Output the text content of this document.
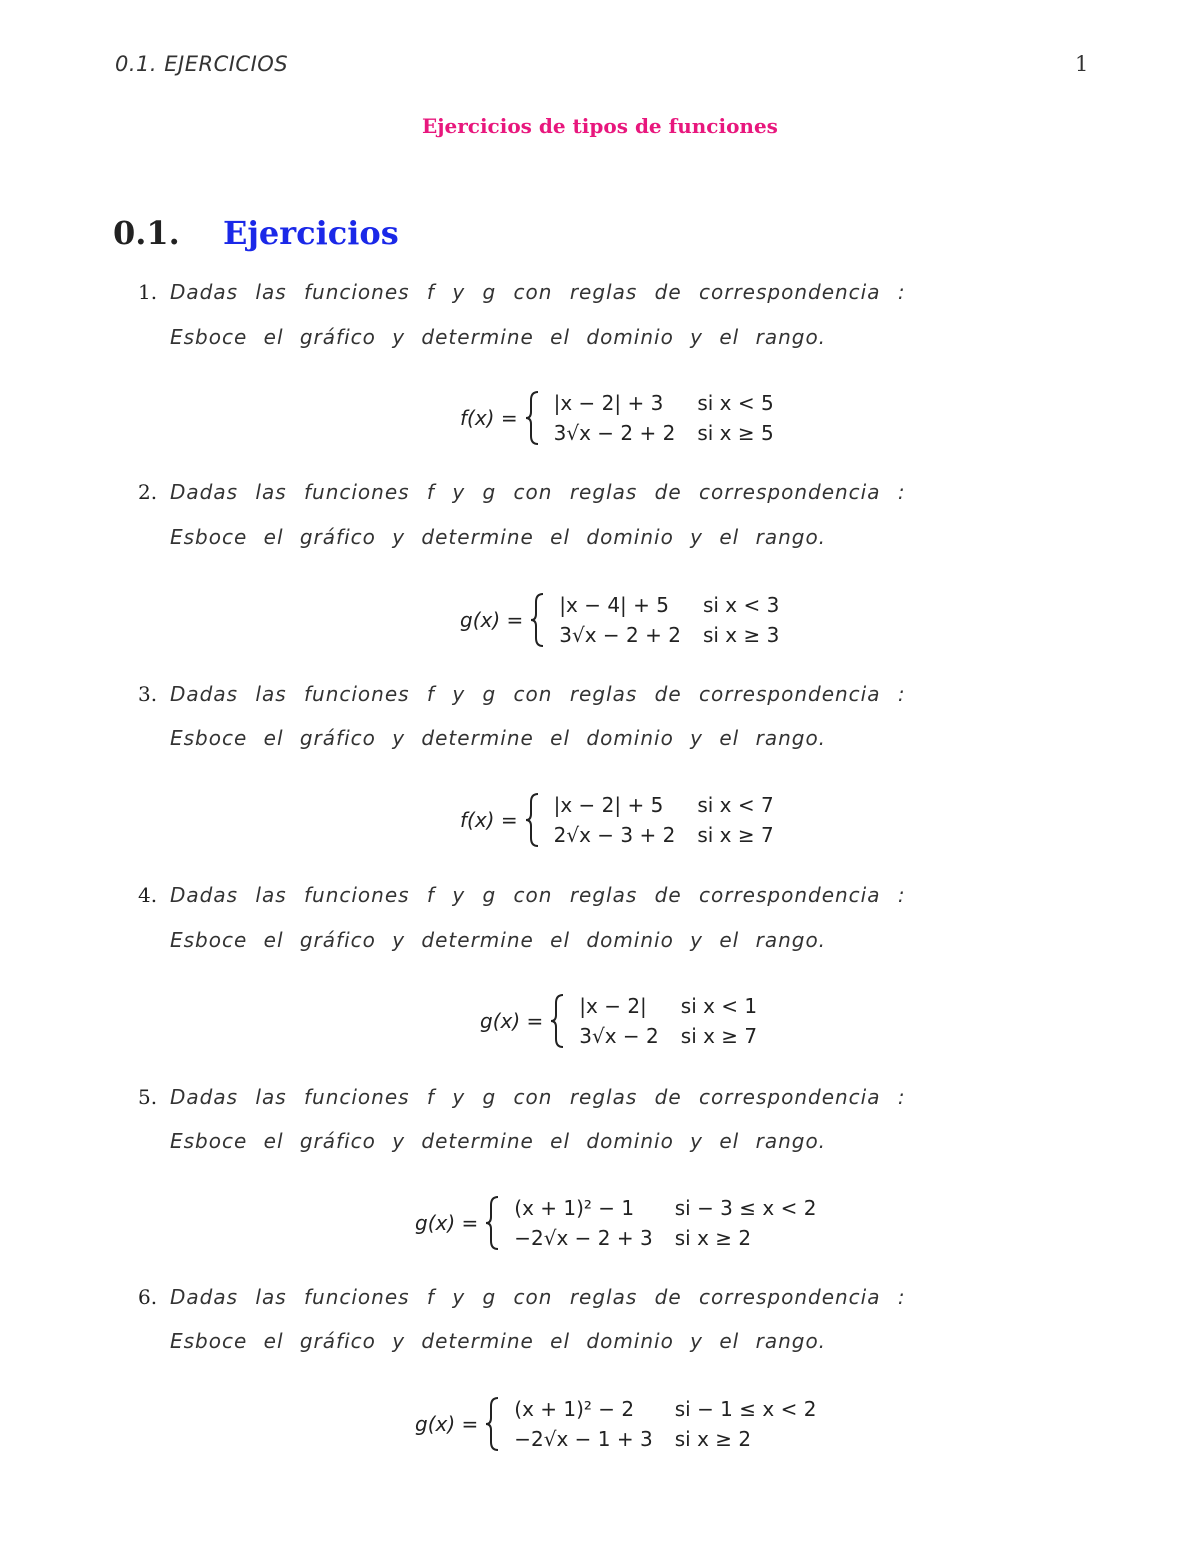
0.1. EJERCICIOS	1
Ejercicios de tipos de funciones
0.1. Ejercicios
1. Dadas las funciones f y g con reglas de correspondencia :
Esboce el gráfico y determine el dominio y el rango.
f(x) =
|x − 2| + 3	si x < 5
3√x − 2 + 2 si x ≥ 5
2. Dadas las funciones f y g con reglas de correspondencia :
Esboce el gráfico y determine el dominio y el rango.
g(x) =
|x − 4| + 5	si x < 3
3√x − 2 + 2 si x ≥ 3
3. Dadas las funciones f y g con reglas de correspondencia :
Esboce el gráfico y determine el dominio y el rango.
f(x) =
|x − 2| + 5	si x < 7
2√x − 3 + 2 si x ≥ 7
4. Dadas las funciones f y g con reglas de correspondencia :
Esboce el gráfico y determine el dominio y el rango.
g(x) =
|x − 2|	si x < 1
3√x − 2 si x ≥ 7
5. Dadas las funciones f y g con reglas de correspondencia :
Esboce el gráfico y determine el dominio y el rango.
g(x) =
(x + 1)² − 1	si − 3 ≤ x < 2
−2√x − 2 + 3 si x ≥ 2
6. Dadas las funciones f y g con reglas de correspondencia :
Esboce el gráfico y determine el dominio y el rango.
g(x) =
(x + 1)² − 2	si − 1 ≤ x < 2
−2√x − 1 + 3 si x ≥ 2
